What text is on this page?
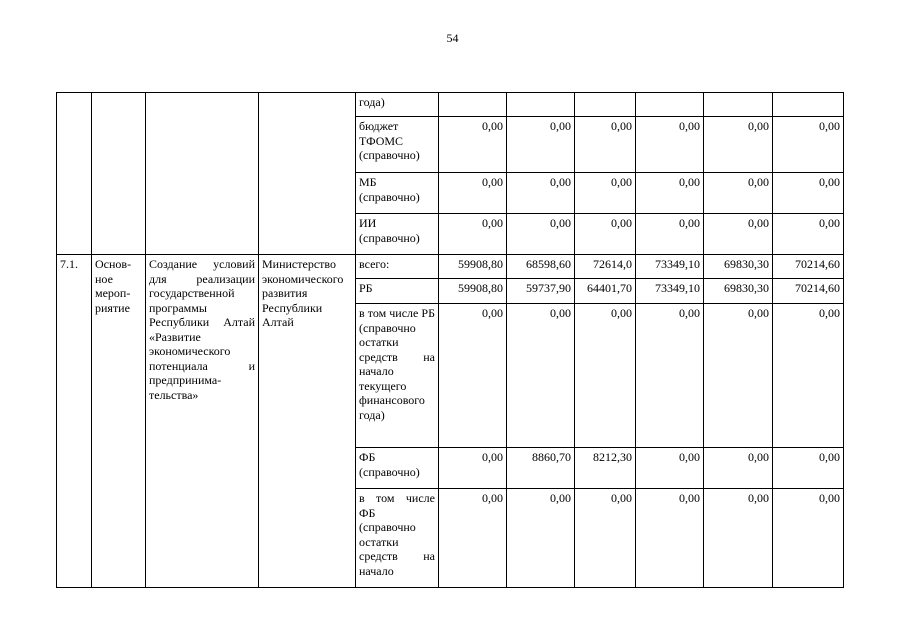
54
				года)						
				бюджет ТФОМС (справочно)	0,00	0,00	0,00	0,00	0,00	0,00
				МБ (справочно)	0,00	0,00	0,00	0,00	0,00	0,00
				ИИ (справочно)	0,00	0,00	0,00	0,00	0,00	0,00
7.1.	Основ-ное мероп-риятие	Создание условий для реализации государственной программы Республики Алтай «Развитие экономического потенциала и предпринима-тельства»	Министерство экономического развития Республики Алтай	всего:	59908,80	68598,60	72614,0	73349,10	69830,30	70214,60
				РБ	59908,80	59737,90	64401,70	73349,10	69830,30	70214,60
				в том числе РБ (справочно остатки средств на начало текущего финансового года)	0,00	0,00	0,00	0,00	0,00	0,00
				ФБ (справочно)	0,00	8860,70	8212,30	0,00	0,00	0,00
				в том числе ФБ (справочно остатки средств на начало	0,00	0,00	0,00	0,00	0,00	0,00
